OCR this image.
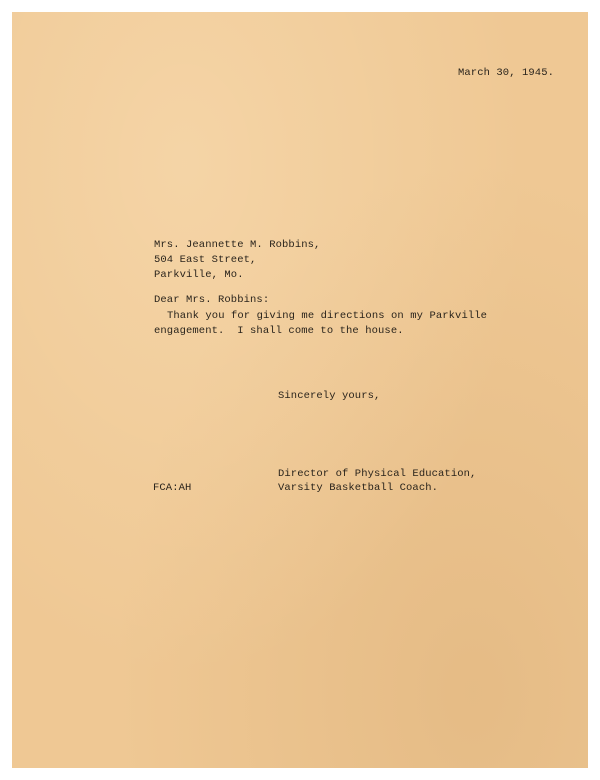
March 30, 1945.
Mrs. Jeannette M. Robbins,
504 East Street,
Parkville, Mo.
Dear Mrs. Robbins:
Thank you for giving me directions on my Parkville
engagement.  I shall come to the house.
Sincerely yours,
Director of Physical Education,
Varsity Basketball Coach.
FCA:AH
